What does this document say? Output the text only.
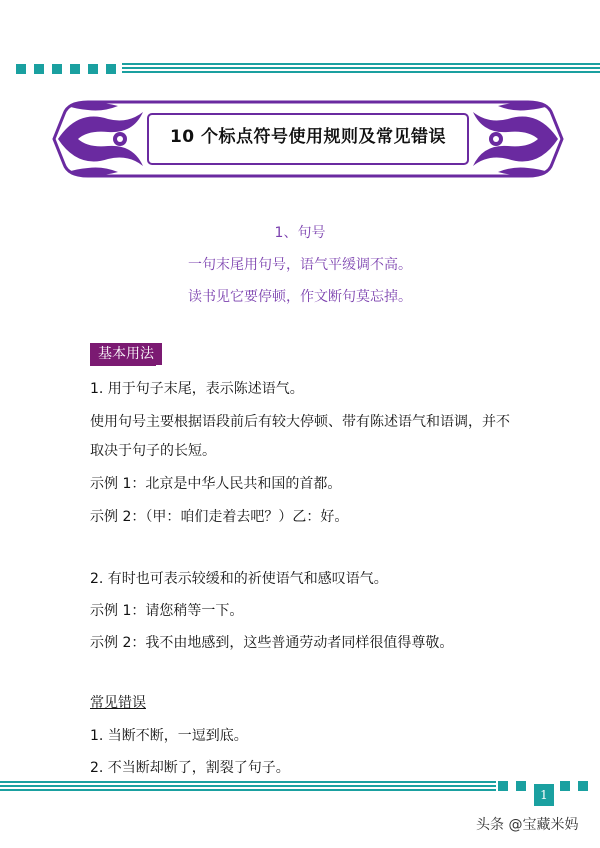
10 个标点符号使用规则及常见错误
1、句号
一句末尾用句号，语气平缓调不高。
读书见它要停顿，作文断句莫忘掉。
基本用法
1. 用于句子末尾，表示陈述语气。
使用句号主要根据语段前后有较大停顿、带有陈述语气和语调，并不
取决于句子的长短。
示例 1：北京是中华人民共和国的首都。
示例 2：（甲：咱们走着去吧？）乙：好。
2. 有时也可表示较缓和的祈使语气和感叹语气。
示例 1：请您稍等一下。
示例 2：我不由地感到，这些普通劳动者同样很值得尊敬。
常见错误
1. 当断不断，一逗到底。
2. 不当断却断了，割裂了句子。
1
头条 @宝藏米妈
